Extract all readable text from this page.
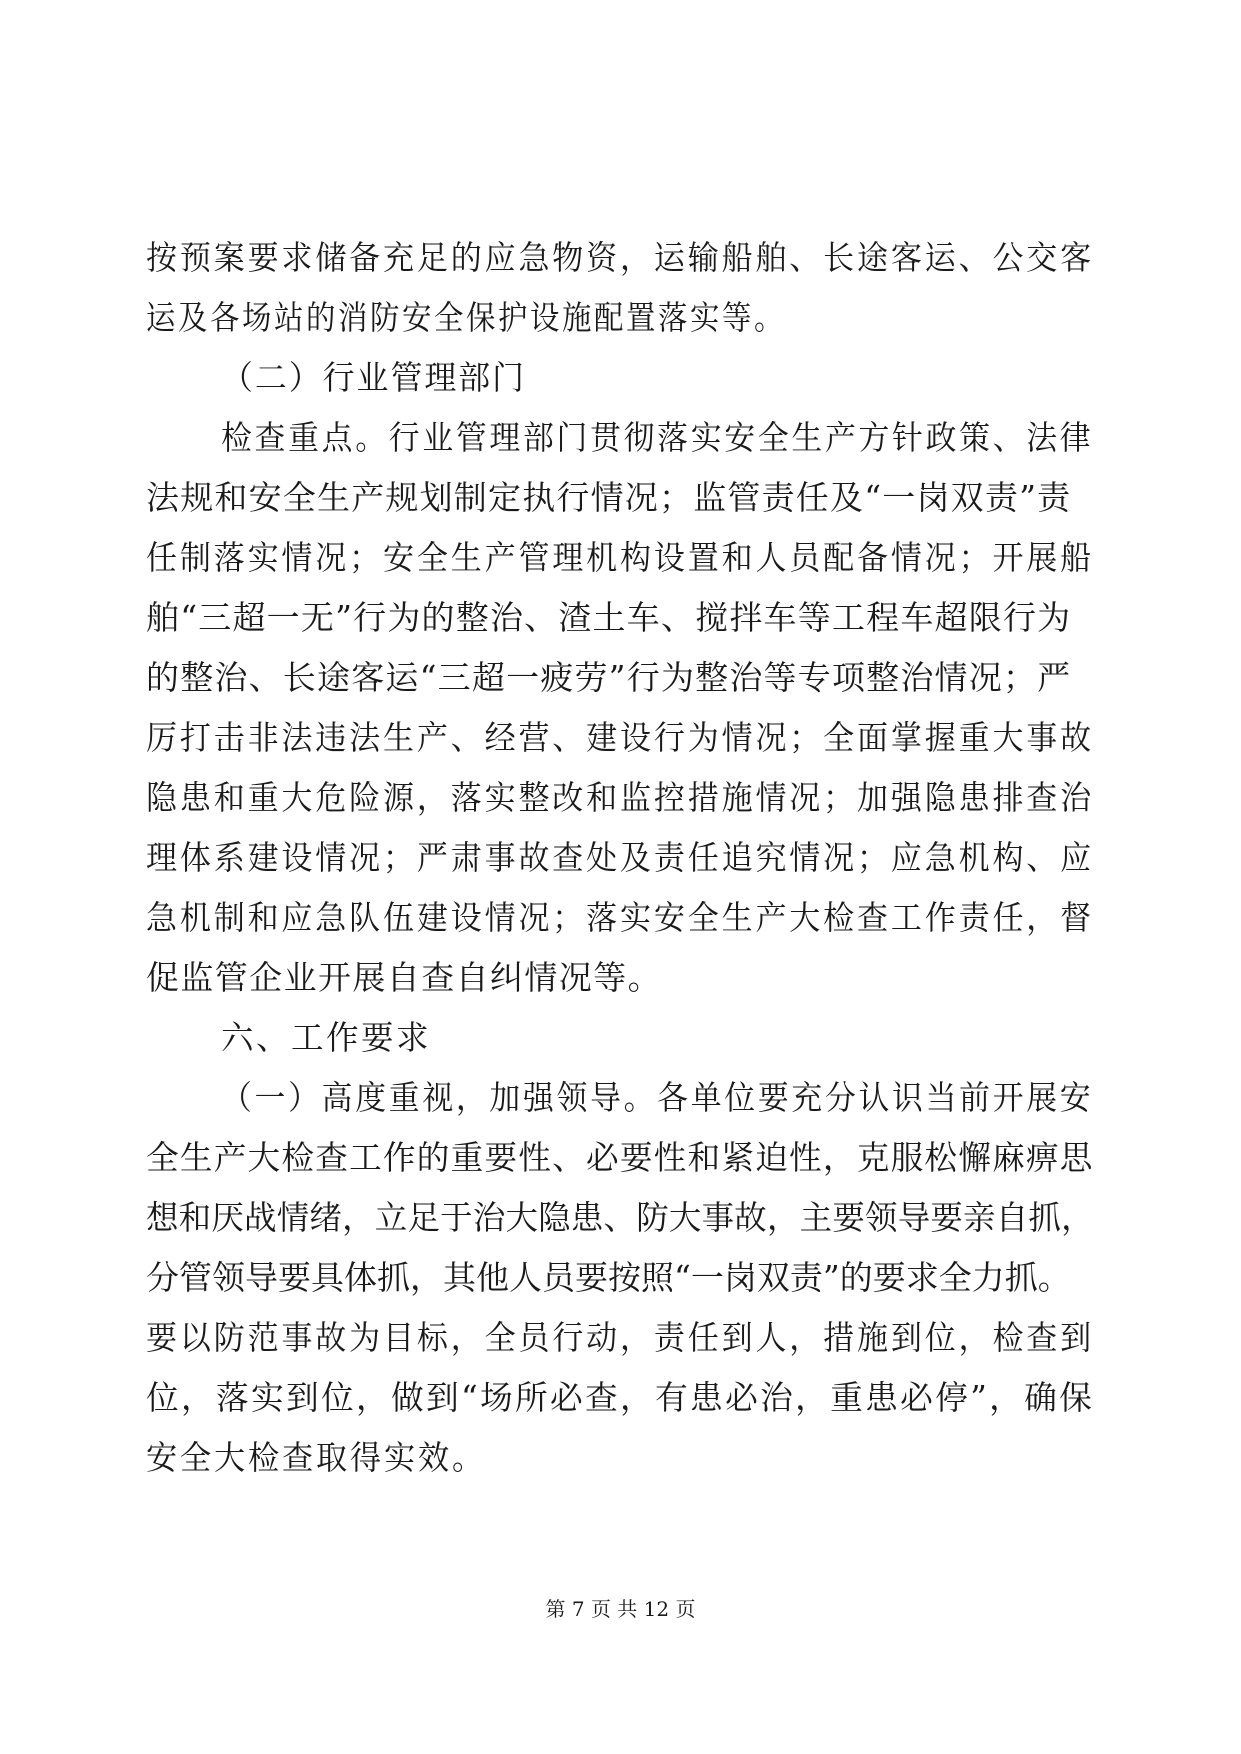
按预案要求储备充足的应急物资，运输船舶、长途客运、公交客
运及各场站的消防安全保护设施配置落实等。
（二）行业管理部门
检查重点。行业管理部门贯彻落实安全生产方针政策、法律
法规和安全生产规划制定执行情况；监管责任及“一岗双责”责
任制落实情况；安全生产管理机构设置和人员配备情况；开展船
舶“三超一无”行为的整治、渣土车、搅拌车等工程车超限行为
的整治、长途客运“三超一疲劳”行为整治等专项整治情况；严
厉打击非法违法生产、经营、建设行为情况；全面掌握重大事故
隐患和重大危险源，落实整改和监控措施情况；加强隐患排查治
理体系建设情况；严肃事故查处及责任追究情况；应急机构、应
急机制和应急队伍建设情况；落实安全生产大检查工作责任，督
促监管企业开展自查自纠情况等。
六、工作要求
（一）高度重视，加强领导。各单位要充分认识当前开展安
全生产大检查工作的重要性、必要性和紧迫性，克服松懈麻痹思
想和厌战情绪，立足于治大隐患、防大事故，主要领导要亲自抓，
分管领导要具体抓，其他人员要按照“一岗双责”的要求全力抓。
要以防范事故为目标，全员行动，责任到人，措施到位，检查到
位，落实到位，做到“场所必查，有患必治，重患必停”，确保
安全大检查取得实效。
第 7 页 共 12 页
